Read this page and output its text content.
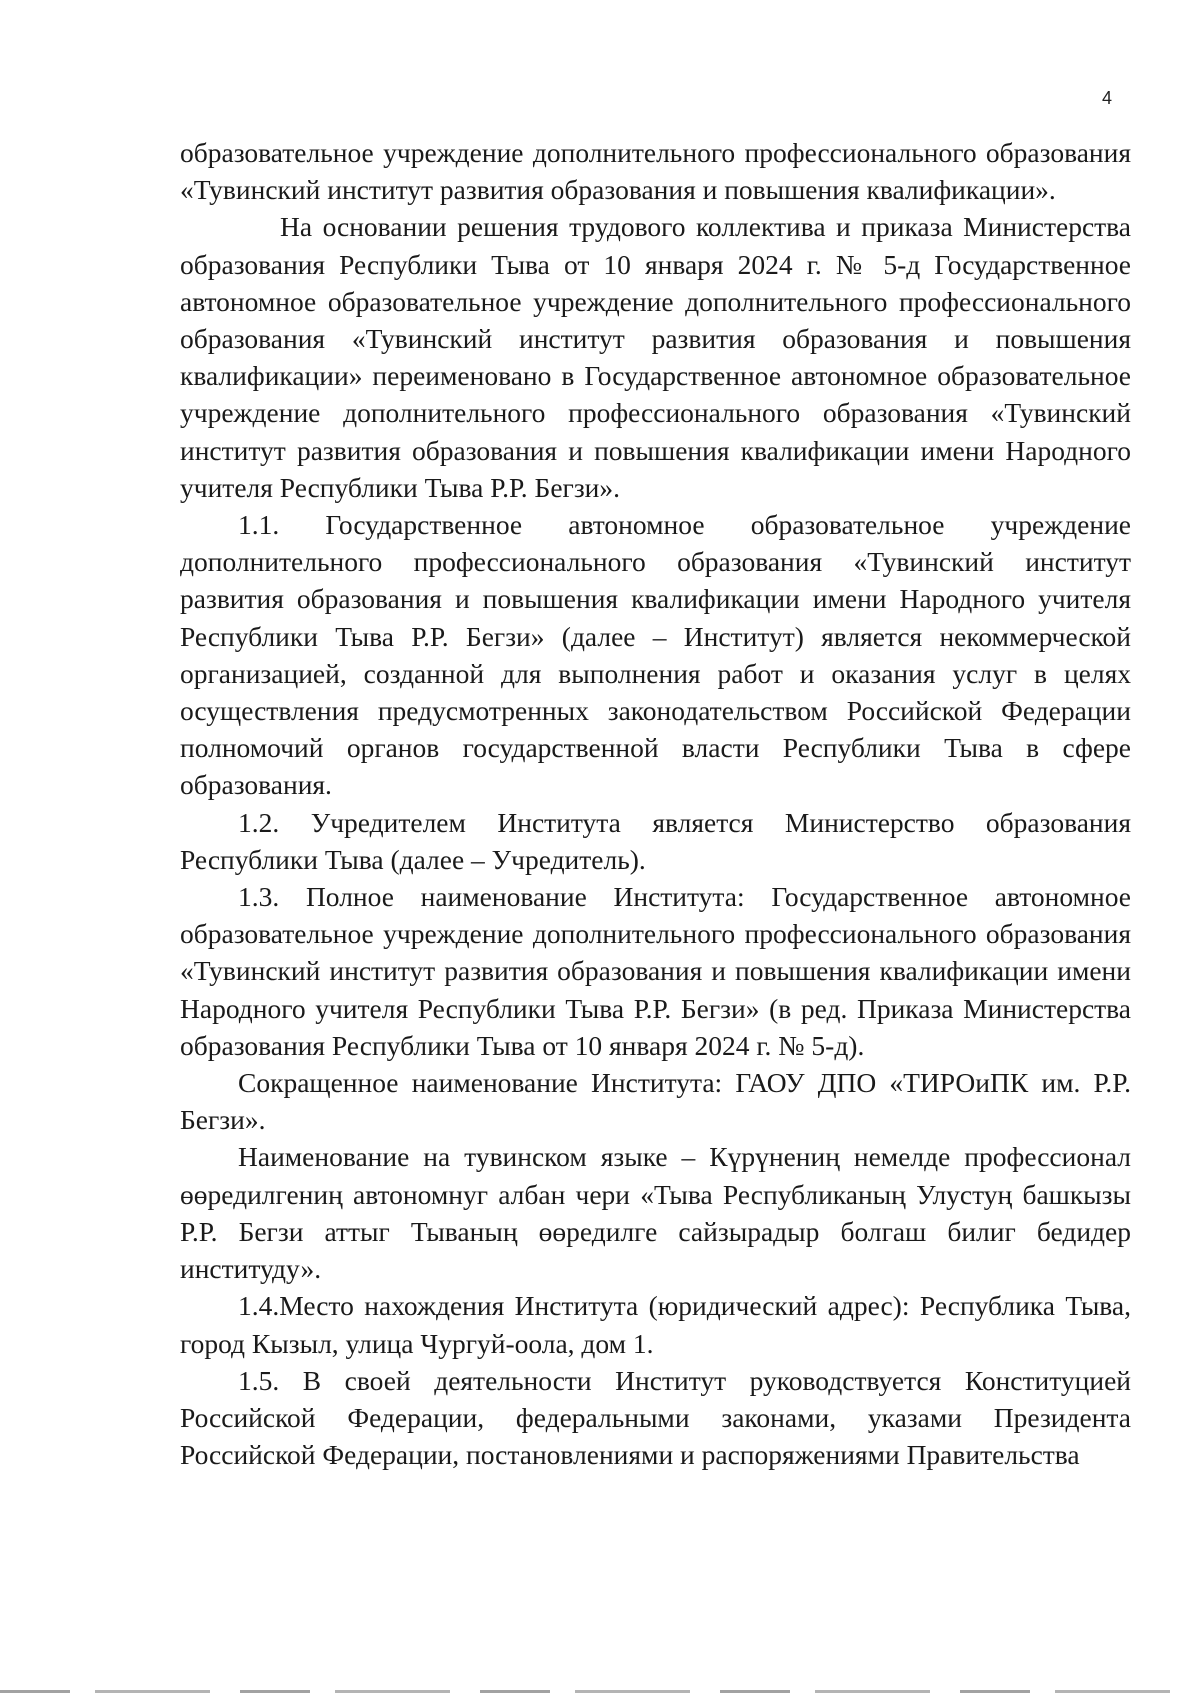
4

образовательное учреждение дополнительного профессионального образования «Тувинский институт развития образования и повышения квалификации».

На основании решения трудового коллектива и приказа Министерства образования Республики Тыва от 10 января 2024 г. № 5-д Государственное автономное образовательное учреждение дополнительного профессионального образования «Тувинский институт развития образования и повышения квалификации» переименовано в Государственное автономное образовательное учреждение дополнительного профессионального образования «Тувинский институт развития образования и повышения квалификации имени Народного учителя Республики Тыва Р.Р. Бегзи».

1.1. Государственное автономное образовательное учреждение дополнительного профессионального образования «Тувинский институт развития образования и повышения квалификации имени Народного учителя Республики Тыва Р.Р. Бегзи» (далее – Институт) является некоммерческой организацией, созданной для выполнения работ и оказания услуг в целях осуществления предусмотренных законодательством Российской Федерации полномочий органов государственной власти Республики Тыва в сфере образования.

1.2. Учредителем Института является Министерство образования Республики Тыва (далее – Учредитель).

1.3. Полное наименование Института: Государственное автономное образовательное учреждение дополнительного профессионального образования «Тувинский институт развития образования и повышения квалификации имени Народного учителя Республики Тыва Р.Р. Бегзи» (в ред. Приказа Министерства образования Республики Тыва от 10 января 2024 г. № 5-д).

Сокращенное наименование Института: ГАОУ ДПО «ТИРОиПК им. Р.Р. Бегзи».

Наименование на тувинском языке – Күрүнениң немелде профессионал өөредилгениң автономнуг албан чери «Тыва Республиканың Улустуң башкызы Р.Р. Бегзи аттыг Тываның өөредилге сайзырадыр болгаш билиг бедидер институду».

1.4.Место нахождения Института (юридический адрес): Республика Тыва, город Кызыл, улица Чургуй-оола, дом 1.

1.5. В своей деятельности Институт руководствуется Конституцией Российской Федерации, федеральными законами, указами Президента Российской Федерации, постановлениями и распоряжениями Правительства
